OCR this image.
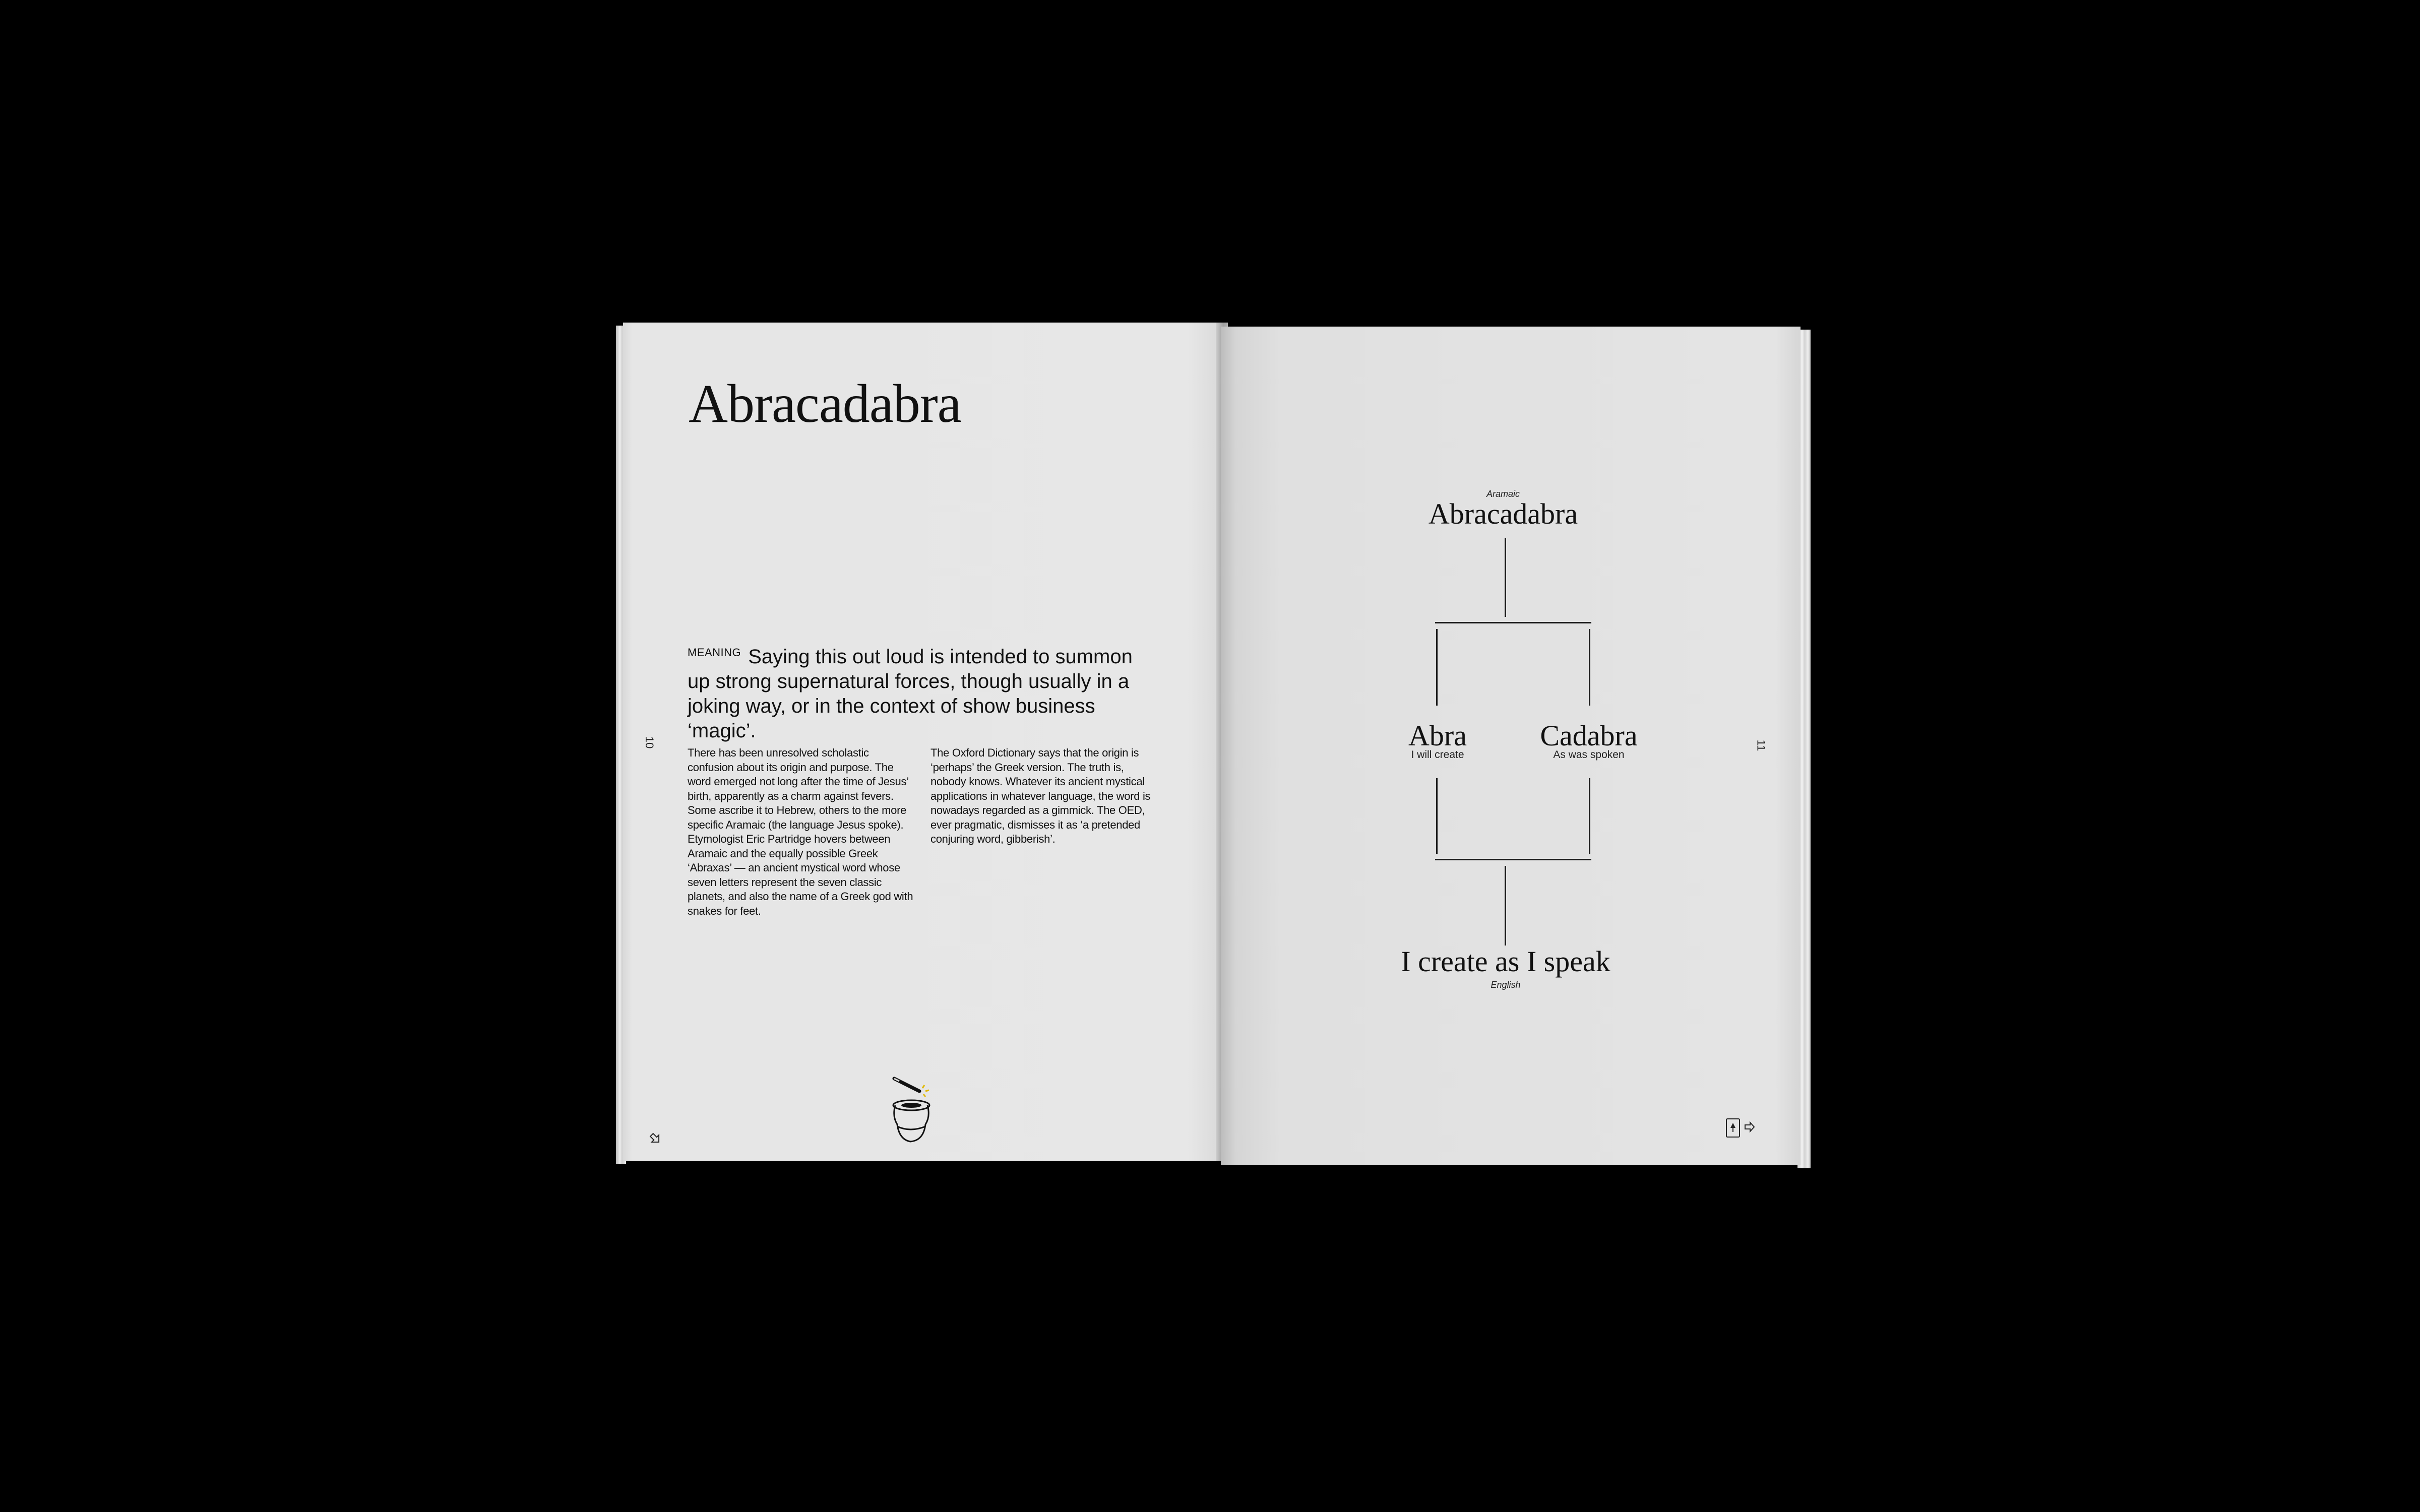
Abracadabra
$^{MEANING}$ Saying this out loud is intended to summon up strong supernatural forces, though usually in a joking way, or in the context of show business ‘magic’.
There has been unresolved scholastic confusion about its origin and purpose. The word emerged not long after the time of Jesus’ birth, apparently as a charm against fevers. Some ascribe it to Hebrew, others to the more specific Aramaic (the language Jesus spoke). Etymologist Eric Partridge hovers between Aramaic and the equally possible Greek ‘Abraxas’ — an ancient mystical word whose seven letters represent the seven classic planets, and also the name of a Greek god with snakes for feet.
The Oxford Dictionary says that the origin is ‘perhaps’ the Greek version. The truth is, nobody knows. Whatever its ancient mystical applications in whatever language, the word is nowadays regarded as a gimmick. The OED, ever pragmatic, dismisses it as ‘a pretended conjuring word, gibberish’.
10	11
Aramaic
Abracadabra
Abra
I will create
Cadabra
As was spoken
I create as I speak
English
